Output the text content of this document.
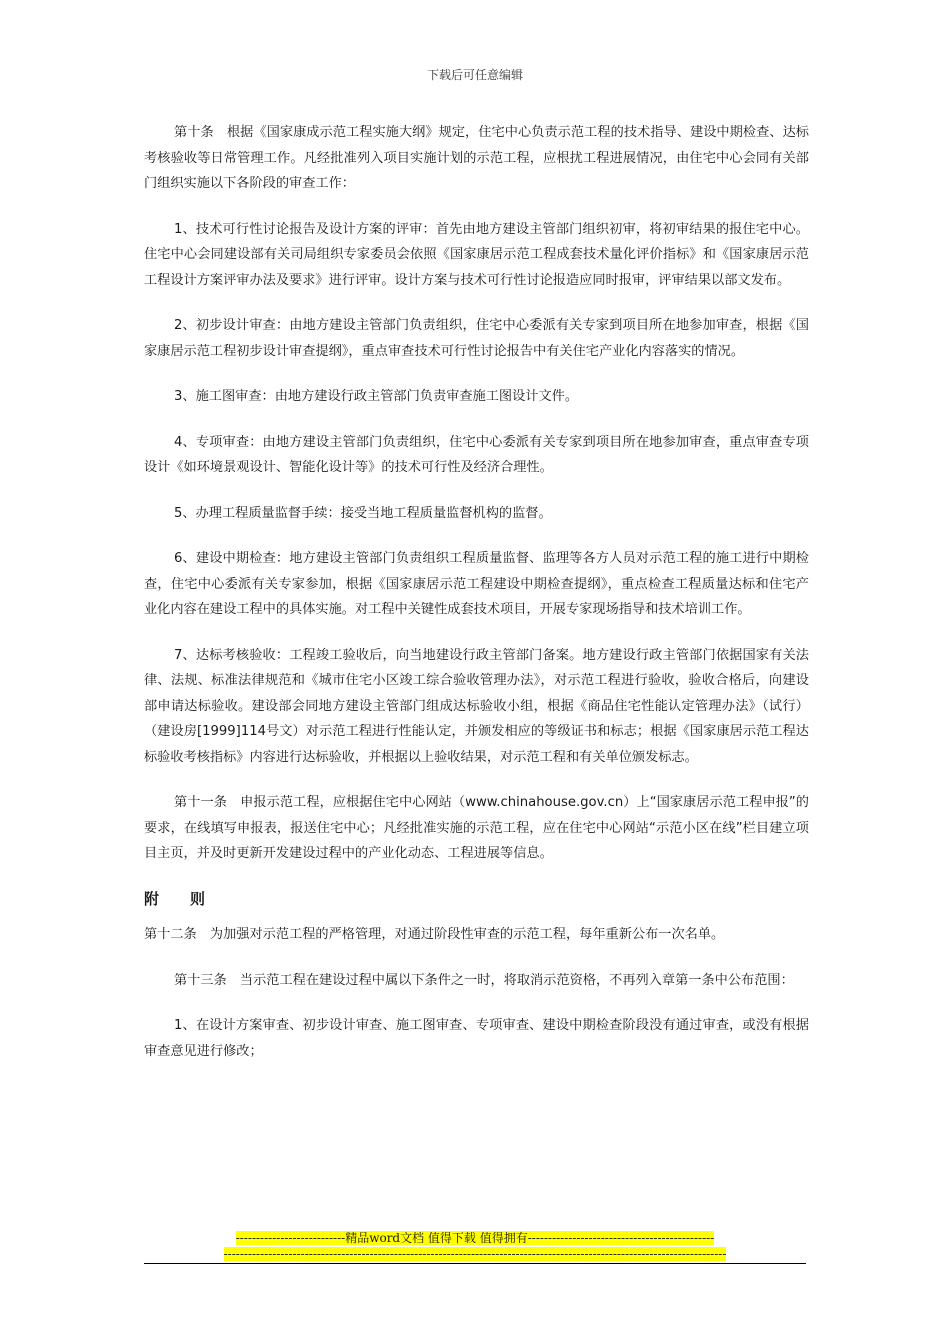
下载后可任意编辑

第十条　根据《国家康成示范工程实施大纲》规定，住宅中心负责示范工程的技术指导、建设中期检查、达标考核验收等日常管理工作。凡经批准列入项目实施计划的示范工程，应根扰工程进展情况，由住宅中心会同有关部门组织实施以下各阶段的审查工作：

1、技术可行性讨论报告及设计方案的评审：首先由地方建设主管部门组织初审，将初审结果的报住宅中心。住宅中心会同建设部有关司局组织专家委员会依照《国家康居示范工程成套技术量化评价指标》和《国家康居示范工程设计方案评审办法及要求》进行评审。设计方案与技术可行性讨论报造应同时报审，评审结果以部文发布。

2、初步设计审查：由地方建设主管部门负责组织，住宅中心委派有关专家到项目所在地参加审查，根据《国家康居示范工程初步设计审查提纲》，重点审查技术可行性讨论报告中有关住宅产业化内容落实的情况。

3、施工图审查：由地方建设行政主管部门负责审查施工图设计文件。

4、专项审查：由地方建设主管部门负责组织，住宅中心委派有关专家到项目所在地参加审查，重点审查专项设计《如环境景观设计、智能化设计等》的技术可行性及经济合理性。

5、办理工程质量监督手续：接受当地工程质量监督机构的监督。

6、建设中期检查：地方建设主管部门负责组织工程质量监督、监理等各方人员对示范工程的施工进行中期检查，住宅中心委派有关专家参加，根据《国家康居示范工程建设中期检查提纲》，重点检查工程质量达标和住宅产业化内容在建设工程中的具体实施。对工程中关键性成套技术项目，开展专家现场指导和技术培训工作。

7、达标考核验收：工程竣工验收后，向当地建设行政主管部门备案。地方建设行政主管部门依据国家有关法律、法规、标准法律规范和《城市住宅小区竣工综合验收管理办法》，对示范工程进行验收，验收合格后，向建设部申请达标验收。建设部会同地方建设主管部门组成达标验收小组，根据《商品住宅性能认定管理办法》（试行）（建设房[1999]114号文）对示范工程进行性能认定，并颁发相应的等级证书和标志；根据《国家康居示范工程达标验收考核指标》内容进行达标验收，并根据以上验收结果，对示范工程和有关单位颁发标志。

第十一条　申报示范工程，应根据住宅中心网站（www.chinahouse.gov.cn）上“国家康居示范工程申报”的要求，在线填写申报表，报送住宅中心；凡经批准实施的示范工程，应在住宅中心网站“示范小区在线”栏目建立项目主页，并及时更新开发建设过程中的产业化动态、工程进展等信息。

附　则

第十二条　为加强对示范工程的严格管理，对通过阶段性审查的示范工程，每年重新公布一次名单。

第十三条　当示范工程在建设过程中属以下条件之一时，将取消示范资格，不再列入章第一条中公布范围：

1、在设计方案审查、初步设计审查、施工图审查、专项审查、建设中期检查阶段没有通过审查，或没有根据审查意见进行修改；

---------------------------精品word文档 值得下载 值得拥有----------------------------------------------
----------------------------------------------------------------------------------------------------------------------------
